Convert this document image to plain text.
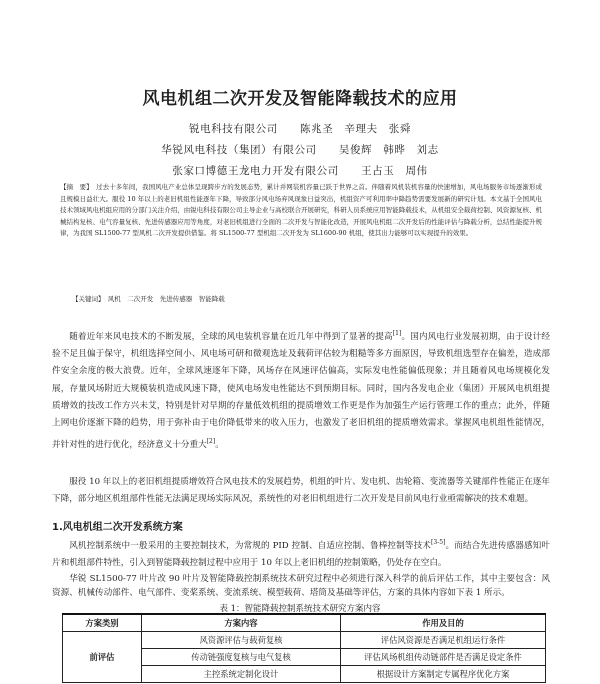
风电机组二次开发及智能降载技术的应用
锐电科技有限公司　　陈兆圣　辛理夫　张舜
华锐风电科技（集团）有限公司　　吴俊辉　韩晔　刘志
张家口博德王龙电力开发有限公司　　王占玉　周伟

【摘　要】　过去十多年间，我国风电产业总体呈现跨步方的发展态势，累计并网装机容量已跃于世界之首。伴随着风机装机容量的快速增加，风电场服务市场逐渐形成且规模日益壮大。服役 10 年以上的老旧机组性能逐年下降，导致部分风电场弃风现象日益突出，机组资产可利用率中降趋势需要发展新的研究计划。本文基于全国风电技术领域风电机组应用的分部门关注介绍，由锐电科技有限公司主导企业与高校联合开展研究，科研人员系统应用智能降载技术，从机组安全载荷控制、风资源复核、机械结构复核、电气容量复核、先进传感器应用等角度，对老旧机组进行全面的二次开发与智能化改造，开展风电机组二次开发后的性能评估与降载分析，总结性能提升规律，为我国 SL1500-77 型风机二次开发提供借鉴。将 SL1500-77 型机组二次开发为 SL1600-90 机组，使其出力能够可以实现提升的效果。

【关键词】　风机　二次开发　先进传感器　智能降载

随着近年来风电技术的不断发展，全球的风电装机容量在近几年中得到了显著的提高[1]。国内风电行业发展初期，由于设计经验不足且偏于保守，机组选择空间小、风电场可研和微观选址及载荷评估较为粗糙等多方面原因，导致机组选型存在偏差，造成部件安全余度的极大浪费。近年，全球风速逐年下降，风场存在风速评估偏高，实际发电性能偏低现象；并且随着风电场规模化发展，存量风场附近大规模装机造成风速下降，使风电场发电性能达不到预期目标。同时，国内各发电企业（集团）开展风电机组提质增效的技改工作方兴未艾，特别是针对早期的存量低效机组的提质增效工作更是作为加强生产运行管理工作的重点；此外，伴随上网电价逐渐下降的趋势，用于弥补由于电价降低带来的收入压力，也激发了老旧机组的提质增效需求。掌握风电机组性能情况，并针对性的进行优化，经济意义十分重大[2]。

服役 10 年以上的老旧机组提质增效符合风电技术的发展趋势，机组的叶片、发电机、齿轮箱、变流器等关键部件性能正在逐年下降，部分地区机组部件性能无法满足现场实际风况，系统性的对老旧机组进行二次开发是目前风电行业亟需解决的技术难题。

1.风电机组二次开发系统方案

风机控制系统中一般采用的主要控制技术，为常规的 PID 控制、自适应控制、鲁棒控制等技术[3-5]。而结合先进传感器感知叶片和机组部件特性，引入到智能降载控制过程中应用于 10 年以上老旧机组的控制策略，仍处存在空白。

华锐 SL1500-77 叶片改 90 叶片及智能降载控制系统技术研究过程中必须进行深入科学的前后评估工作，其中主要包含：风资源、机械传动部件、电气部件、变桨系统、变流系统、模型载荷、塔筒及基础等评估，方案的具体内容如下表 1 所示。

表 1：智能降载控制系统技术研究方案内容
方案类别	方案内容	作用及目的
前评估	风资源评估与载荷复核	评估风资源是否满足机组运行条件
	传动链强度复核与电气复核	评估风场机组传动链部件是否满足设定条件
	主控系统定制化设计	根据设计方案制定专属程序优化方案
